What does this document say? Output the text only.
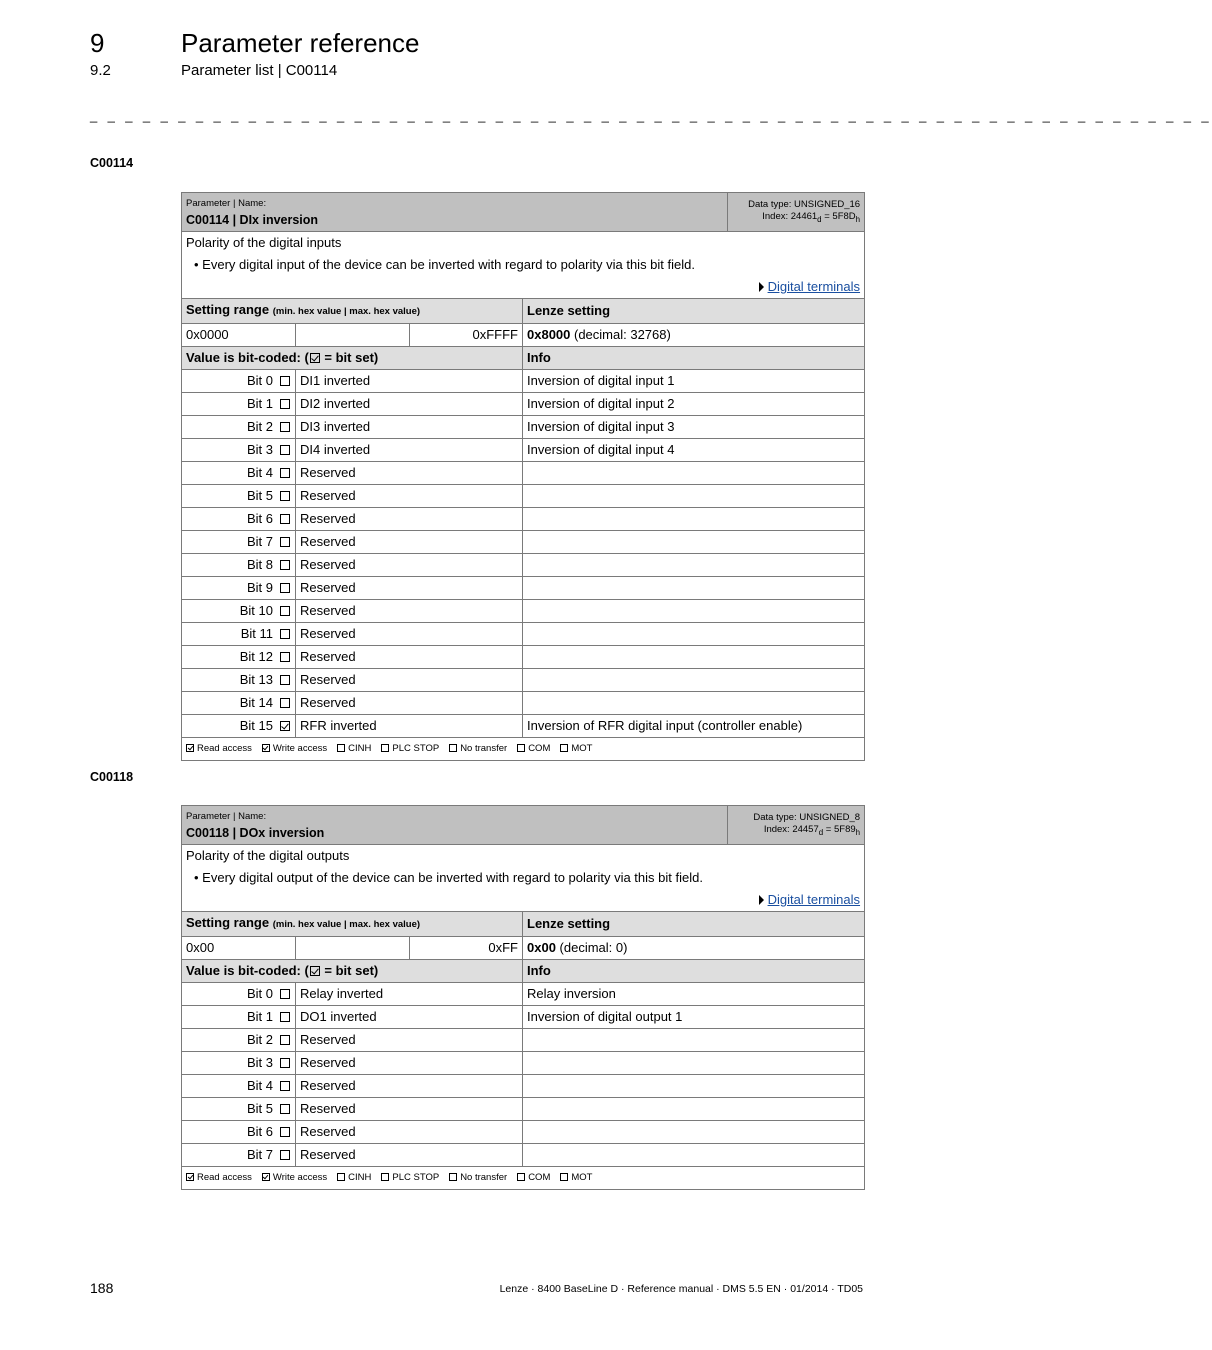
9	Parameter reference
9.2	Parameter list | C00114
_ _ _ _ _ _ _ _ _ _ _ _ _ _ _ _ _ _ _ _ _ _ _ _ _ _ _ _ _ _ _ _ _ _ _ _ _ _ _ _ _ _ _ _ _ _ _ _ _ _ _ _ _ _ _ _ _ _ _ _ _ _ _ _
C00114
C00118
Parameter | Name:
C00114 | DIx inversion				Data type: UNSIGNED_16
Index: $24461_d = 5F8D_h$

Polarity of the digital inputs
• Every digital input of the device can be inverted with regard to polarity via this bit field.
Digital terminals				

Setting range (min. hex value | max. hex value)			Lenze setting	
0x0000		0xFFFF	0x8000 (decimal: 32768)	
Value is bit-coded: ( = bit set)			Info	
Bit 0	DI1 inverted		Inversion of digital input 1	
Bit 1	DI2 inverted		Inversion of digital input 2	
Bit 2	DI3 inverted		Inversion of digital input 3	
Bit 3	DI4 inverted		Inversion of digital input 4	
Bit 4	Reserved			
Bit 5	Reserved			
Bit 6	Reserved			
Bit 7	Reserved			
Bit 8	Reserved			
Bit 9	Reserved			
Bit 10	Reserved			
Bit 11	Reserved			
Bit 12	Reserved			
Bit 13	Reserved			
Bit 14	Reserved			
Bit 15	RFR inverted		Inversion of RFR digital input (controller enable)	
Read access Write access CINH PLC STOP No transfer COM MOT				
Parameter | Name:
C00118 | DOx inversion				Data type: UNSIGNED_8
Index: $24457_d = 5F89_h$

Polarity of the digital outputs
• Every digital output of the device can be inverted with regard to polarity via this bit field.
Digital terminals				

Setting range (min. hex value | max. hex value)			Lenze setting	
0x00		0xFF	0x00 (decimal: 0)	
Value is bit-coded: ( = bit set)			Info	
Bit 0	Relay inverted		Relay inversion	
Bit 1	DO1 inverted		Inversion of digital output 1	
Bit 2	Reserved			
Bit 3	Reserved			
Bit 4	Reserved			
Bit 5	Reserved			
Bit 6	Reserved			
Bit 7	Reserved			
Read access Write access CINH PLC STOP No transfer COM MOT				
188	Lenze · 8400 BaseLine D · Reference manual · DMS 5.5 EN · 01/2014 · TD05
